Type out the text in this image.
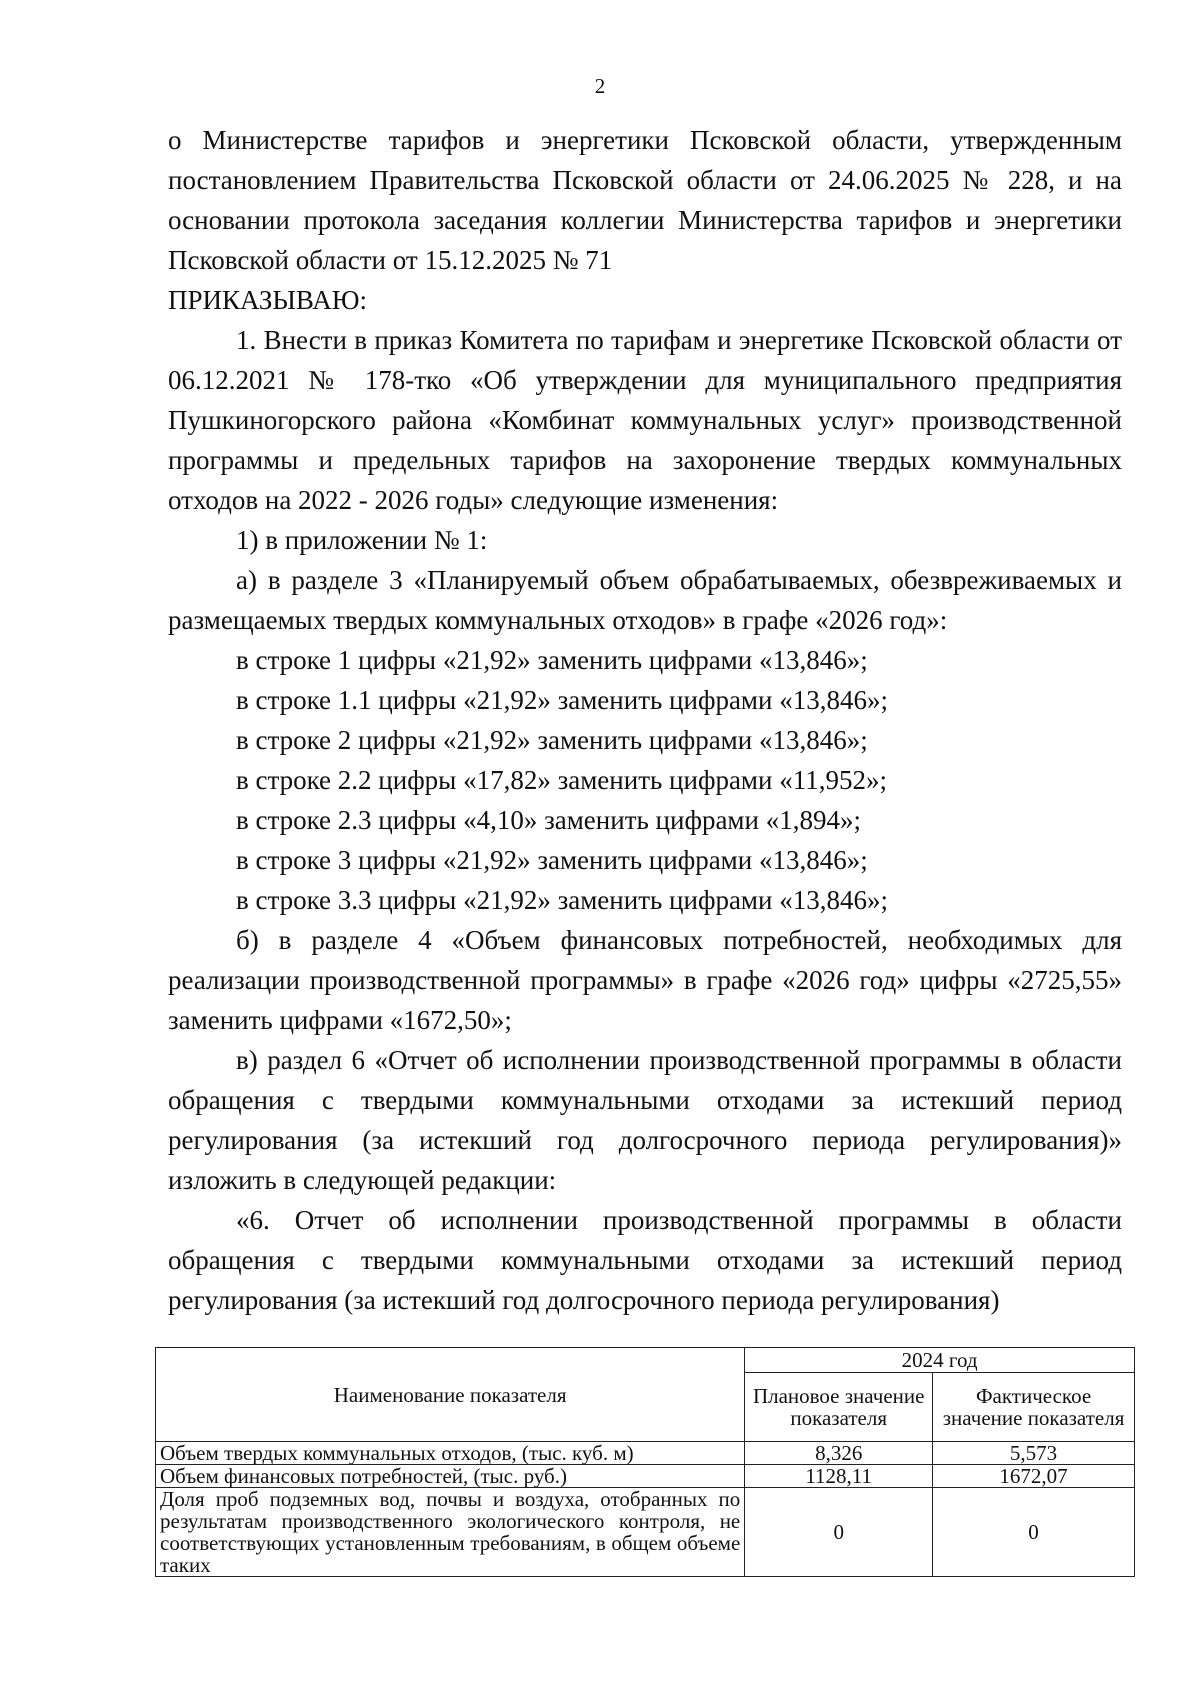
2

о Министерстве тарифов и энергетики Псковской области, утвержденным постановлением Правительства Псковской области от 24.06.2025 № 228, и на основании протокола заседания коллегии Министерства тарифов и энергетики Псковской области от 15.12.2025 № 71

ПРИКАЗЫВАЮ:

1. Внести в приказ Комитета по тарифам и энергетике Псковской области от 06.12.2021 № 178-тко «Об утверждении для муниципального предприятия Пушкиногорского района «Комбинат коммунальных услуг» производственной программы и предельных тарифов на захоронение твердых коммунальных отходов на 2022 - 2026 годы» следующие изменения:

1) в приложении № 1:

а) в разделе 3 «Планируемый объем обрабатываемых, обезвреживаемых и размещаемых твердых коммунальных отходов» в графе «2026 год»:

в строке 1 цифры «21,92» заменить цифрами «13,846»;

в строке 1.1 цифры «21,92» заменить цифрами «13,846»;

в строке 2 цифры «21,92» заменить цифрами «13,846»;

в строке 2.2 цифры «17,82» заменить цифрами «11,952»;

в строке 2.3 цифры «4,10» заменить цифрами «1,894»;

в строке 3 цифры «21,92» заменить цифрами «13,846»;

в строке 3.3 цифры «21,92» заменить цифрами «13,846»;

б) в разделе 4 «Объем финансовых потребностей, необходимых для реализации производственной программы» в графе «2026 год» цифры «2725,55» заменить цифрами «1672,50»;

в) раздел 6 «Отчет об исполнении производственной программы в области обращения с твердыми коммунальными отходами за истекший период регулирования (за истекший год долгосрочного периода регулирования)» изложить в следующей редакции:

«6. Отчет об исполнении производственной программы в области обращения с твердыми коммунальными отходами за истекший период регулирования (за истекший год долгосрочного периода регулирования)

Наименование показателя	2024 год	
	Плановое значение показателя	Фактическое значение показателя
Объем твердых коммунальных отходов, (тыс. куб. м)	8,326	5,573
Объем финансовых потребностей, (тыс. руб.)	1128,11	1672,07
Доля проб подземных вод, почвы и воздуха, отобранных по результатам производственного экологического контроля, не соответствующих установленным требованиям, в общем объеме таких	0	0
